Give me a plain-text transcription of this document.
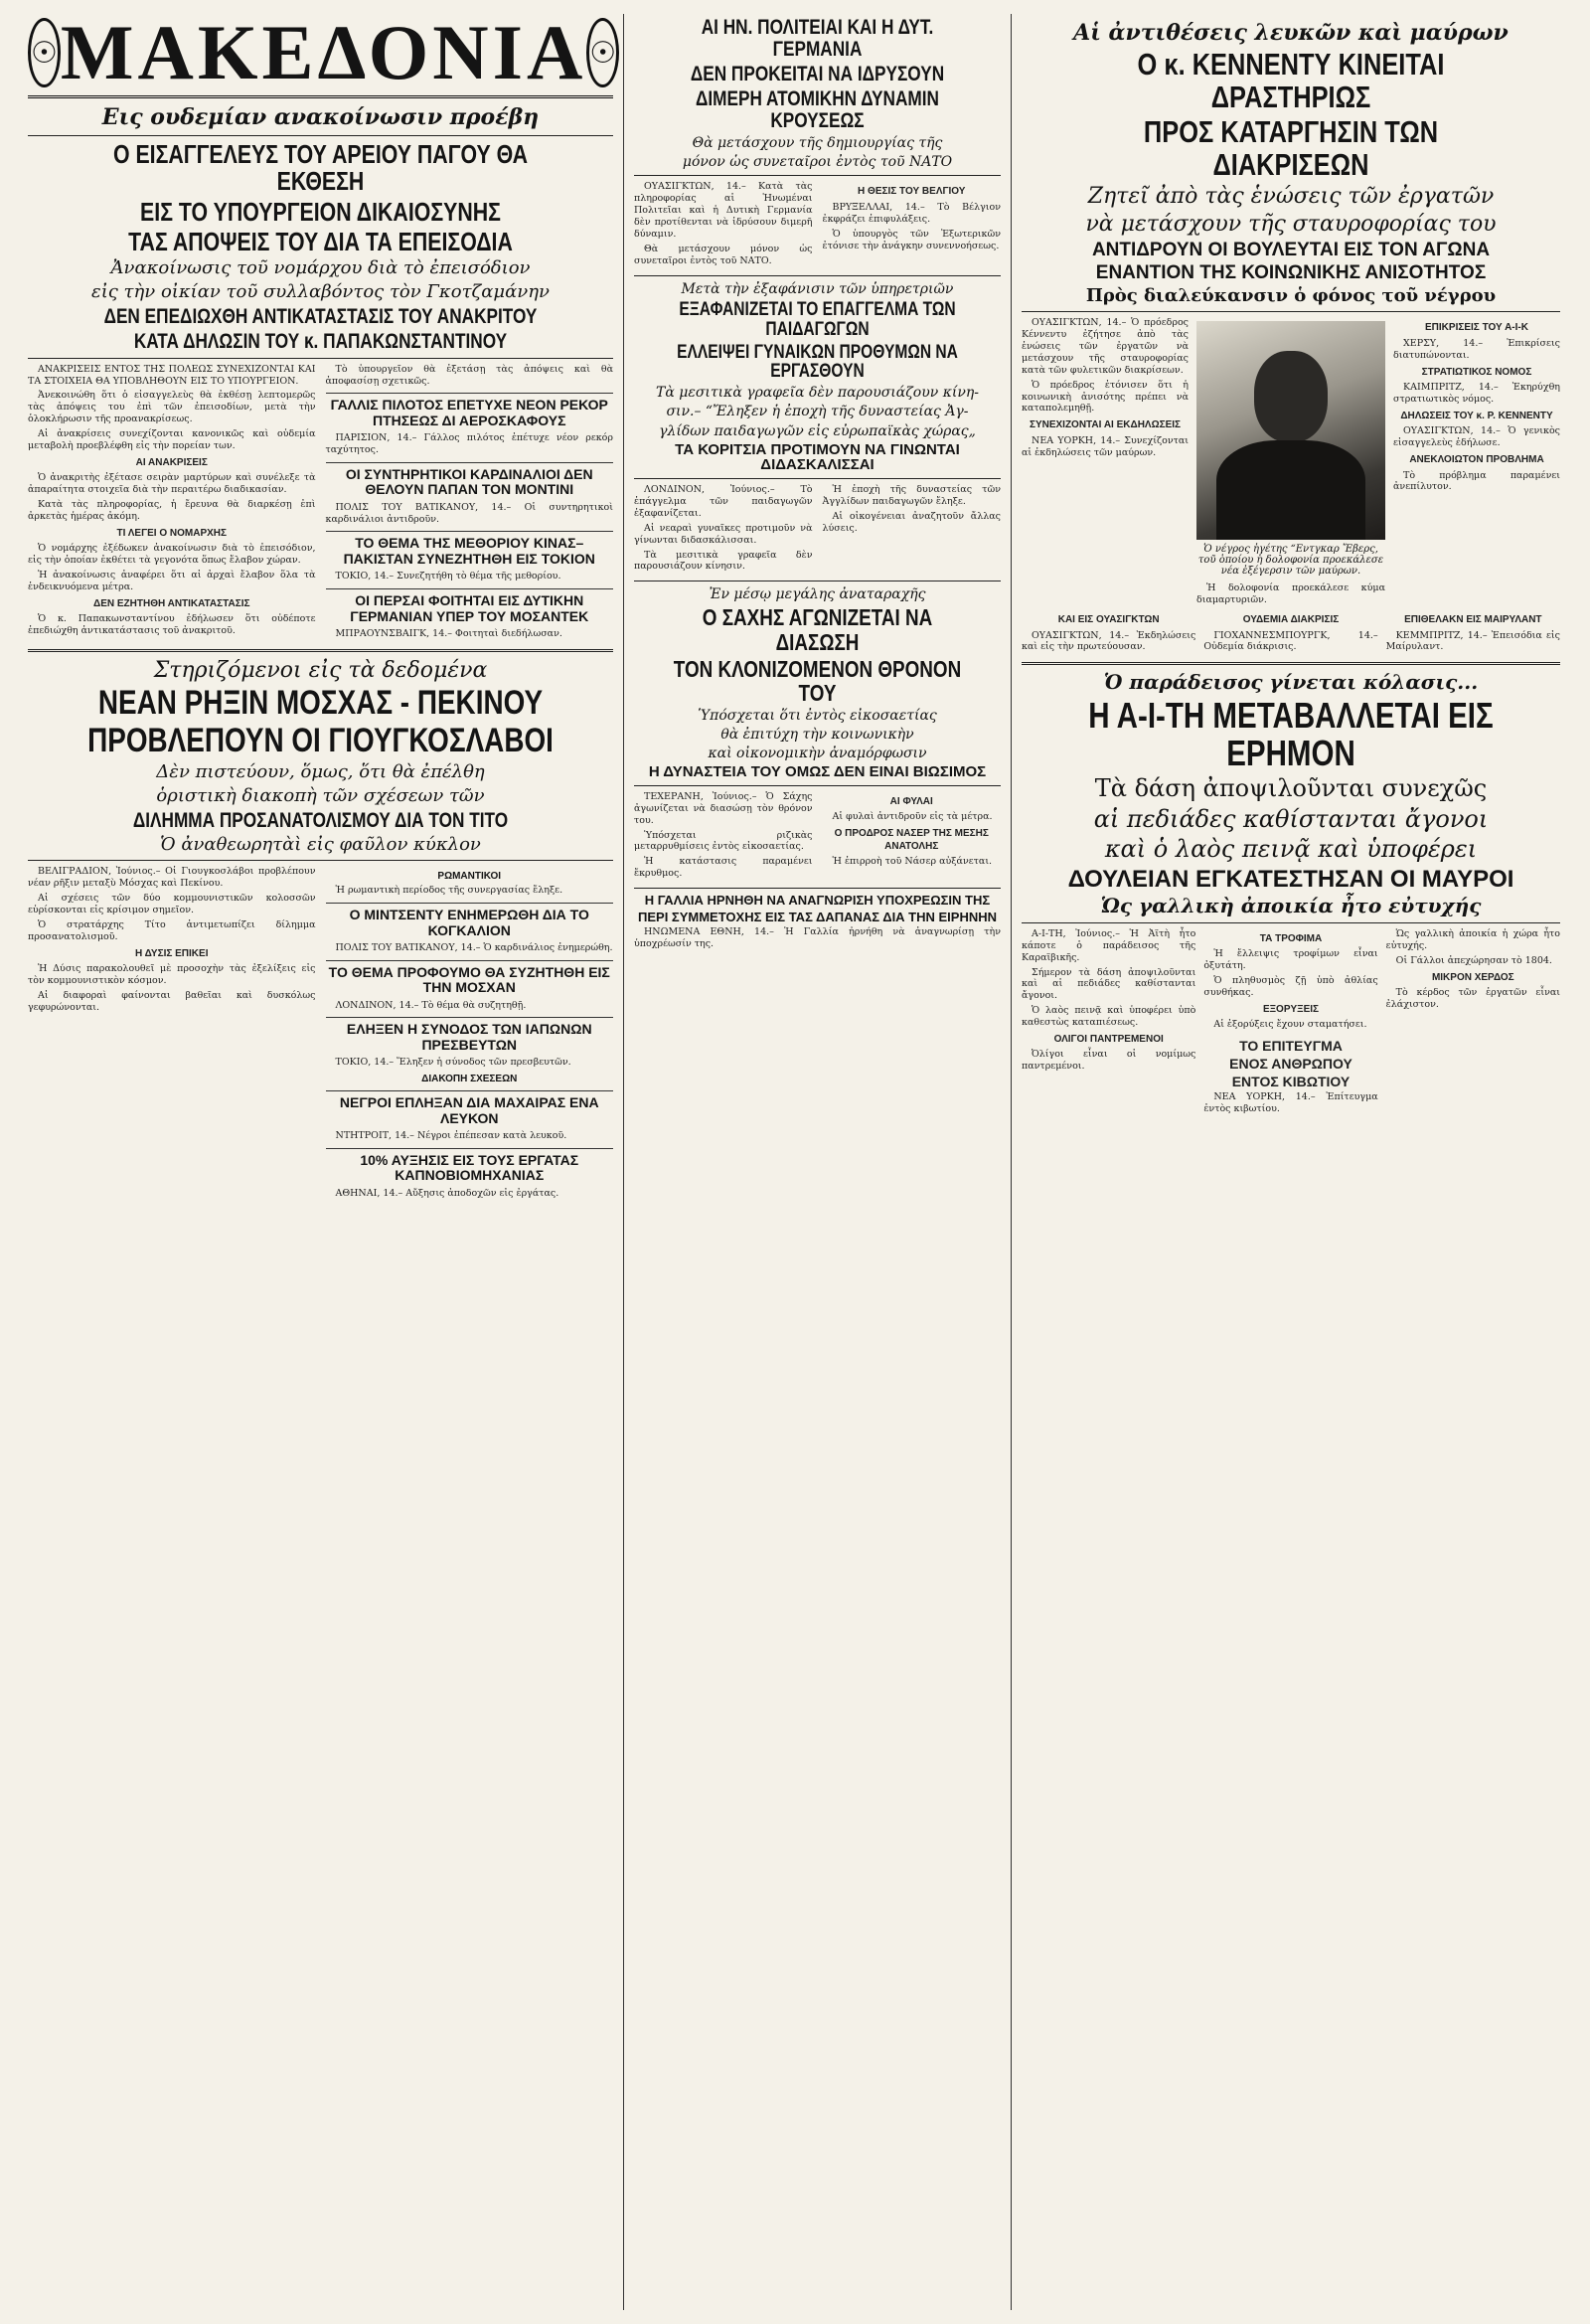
☉ ΜΑΚΕΔΟΝΙΑ ☉
Εις ουδεμίαν ανακοίνωσιν προέβη
Ο ΕΙΣΑΓΓΕΛΕΥΣ ΤΟΥ ΑΡΕΙΟΥ ΠΑΓΟΥ ΘΑ ΕΚΘΕΣΗ
ΕΙΣ ΤΟ ΥΠΟΥΡΓΕΙΟΝ ΔΙΚΑΙΟΣΥΝΗΣ
ΤΑΣ ΑΠΟΨΕΙΣ ΤΟΥ ΔΙΑ ΤΑ ΕΠΕΙΣΟΔΙΑ
Ἀνακοίνωσις τοῦ νομάρχου διὰ τὸ ἐπεισόδιον
εἰς τὴν οἰκίαν τοῦ συλλαβόντος τὸν Γκοτζαμάνην
ΔΕΝ ΕΠΕΔΙΩΧΘΗ ΑΝΤΙΚΑΤΑΣΤΑΣΙΣ ΤΟΥ ΑΝΑΚΡΙΤΟΥ
ΚΑΤΑ ΔΗΛΩΣΙΝ ΤΟΥ κ. ΠΑΠΑΚΩΝΣΤΑΝΤΙΝΟΥ

ΑΝΑΚΡΙΣΕΙΣ ΕΝΤΟΣ ΤΗΣ ΠΟΛΕΩΣ ΣΥΝΕΧΙΖΟΝΤΑΙ ΚΑΙ ΤΑ ΣΤΟΙΧΕΙΑ ΘΑ ΥΠΟΒΛΗΘΟΥΝ ΕΙΣ ΤΟ ΥΠΟΥΡΓΕΙΟΝ.

Ἀνεκοινώθη ὅτι ὁ εἰσαγγελεὺς θὰ ἐκθέσῃ λεπτομερῶς τὰς ἀπόψεις του ἐπὶ τῶν ἐπεισοδίων, μετὰ τὴν ὁλοκλήρωσιν τῆς προανακρίσεως.

Αἱ ἀνακρίσεις συνεχίζονται κανονικῶς καὶ οὐδεμία μεταβολὴ προεβλέφθη εἰς τὴν πορείαν των.

ΑΙ ΑΝΑΚΡΙΣΕΙΣ

Ὁ ἀνακριτὴς ἐξέτασε σειρὰν μαρτύρων καὶ συνέλεξε τὰ ἀπαραίτητα στοιχεῖα διὰ τὴν περαιτέρω διαδικασίαν.

Κατὰ τὰς πληροφορίας, ἡ ἔρευνα θὰ διαρκέσῃ ἐπὶ ἀρκετὰς ἡμέρας ἀκόμη.

ΤΙ ΛΕΓΕΙ Ο ΝΟΜΑΡΧΗΣ

Ὁ νομάρχης ἐξέδωκεν ἀνακοίνωσιν διὰ τὸ ἐπεισόδιον, εἰς τὴν ὁποίαν ἐκθέτει τὰ γεγονότα ὅπως ἔλαβον χώραν.

Ἡ ἀνακοίνωσις ἀναφέρει ὅτι αἱ ἀρχαὶ ἔλαβον ὅλα τὰ ἐνδεικνυόμενα μέτρα.

ΔΕΝ ΕΖΗΤΗΘΗ ΑΝΤΙΚΑΤΑΣΤΑΣΙΣ

Ὁ κ. Παπακωνσταντίνου ἐδήλωσεν ὅτι οὐδέποτε ἐπεδιώχθη ἀντικατάστασις τοῦ ἀνακριτοῦ.

Τὸ ὑπουργεῖον θὰ ἐξετάσῃ τὰς ἀπόψεις καὶ θὰ ἀποφασίσῃ σχετικῶς.

ΓΑΛΛΙΣ ΠΙΛΟΤΟΣ ΕΠΕΤΥΧΕ ΝΕΟΝ ΡΕΚΟΡ ΠΤΗΣΕΩΣ ΔΙ ΑΕΡΟΣΚΑΦΟΥΣ

ΠΑΡΙΣΙΟΝ, 14.– Γάλλος πιλότος ἐπέτυχε νέον ρεκόρ ταχύτητος.

ΟΙ ΣΥΝΤΗΡΗΤΙΚΟΙ ΚΑΡΔΙΝΑΛΙΟΙ ΔΕΝ ΘΕΛΟΥΝ ΠΑΠΑΝ ΤΟΝ ΜΟΝΤΙΝΙ

ΠΟΛΙΣ ΤΟΥ ΒΑΤΙΚΑΝΟΥ, 14.– Οἱ συντηρητικοὶ καρδινάλιοι ἀντιδροῦν.

ΤΟ ΘΕΜΑ ΤΗΣ ΜΕΘΟΡΙΟΥ ΚΙΝΑΣ–ΠΑΚΙΣΤΑΝ ΣΥΝΕΖΗΤΗΘΗ ΕΙΣ ΤΟΚΙΟΝ

ΤΟΚΙΟ, 14.– Συνεζητήθη τὸ θέμα τῆς μεθορίου.

ΟΙ ΠΕΡΣΑΙ ΦΟΙΤΗΤΑΙ ΕΙΣ ΔΥΤΙΚΗΝ ΓΕΡΜΑΝΙΑΝ ΥΠΕΡ ΤΟΥ ΜΟΣΑΝΤΕΚ

ΜΠΡΑΟΥΝΣΒΑΙΓΚ, 14.– Φοιτηταὶ διεδήλωσαν.

Στηριζόμενοι εἰς τὰ δεδομένα
ΝΕΑΝ ΡΗΞΙΝ ΜΟΣΧΑΣ - ΠΕΚΙΝΟΥ
ΠΡΟΒΛΕΠΟΥΝ ΟΙ ΓΙΟΥΓΚΟΣΛΑΒΟΙ
Δὲν πιστεύουν, ὅμως, ὅτι θὰ ἐπέλθη
ὁριστικὴ διακοπὴ τῶν σχέσεων τῶν
ΔΙΛΗΜΜΑ ΠΡΟΣΑΝΑΤΟΛΙΣΜΟΥ ΔΙΑ ΤΟΝ ΤΙΤΟ
Ὁ ἀναθεωρητὰὶ εἰς φαῦλον κύκλον

ΒΕΛΙΓΡΑΔΙΟΝ, Ἰούνιος.– Οἱ Γιουγκοσλάβοι προβλέπουν νέαν ρῆξιν μεταξὺ Μόσχας καὶ Πεκίνου.

Αἱ σχέσεις τῶν δύο κομμουνιστικῶν κολοσσῶν εὑρίσκονται εἰς κρίσιμον σημεῖον.

Ὁ στρατάρχης Τίτο ἀντιμετωπίζει δίλημμα προσανατολισμοῦ.

Η ΔΥΣΙΣ ΕΠΙΚΕΙ

Ἡ Δύσις παρακολουθεῖ μὲ προσοχὴν τὰς ἐξελίξεις εἰς τὸν κομμουνιστικὸν κόσμον.

Αἱ διαφοραὶ φαίνονται βαθεῖαι καὶ δυσκόλως γεφυρώνονται.

ΡΩΜΑΝΤΙΚΟΙ

Ἡ ρωμαντικὴ περίοδος τῆς συνεργασίας ἔληξε.

Ο ΜΙΝΤΣΕΝΤΥ ΕΝΗΜΕΡΩΘΗ ΔΙΑ ΤΟ ΚΟΓΚΑΛΙΟΝ

ΠΟΛΙΣ ΤΟΥ ΒΑΤΙΚΑΝΟΥ, 14.– Ὁ καρδινάλιος ἐνημερώθη.

ΤΟ ΘΕΜΑ ΠΡΟΦΟΥΜΟ ΘΑ ΣΥΖΗΤΗΘΗ ΕΙΣ ΤΗΝ ΜΟΣΧΑΝ

ΛΟΝΔΙΝΟΝ, 14.– Τὸ θέμα θὰ συζητηθῇ.

ΕΛΗΞΕΝ Η ΣΥΝΟΔΟΣ ΤΩΝ ΙΑΠΩΝΩΝ ΠΡΕΣΒΕΥΤΩΝ

ΤΟΚΙΟ, 14.– Ἔληξεν ἡ σύνοδος τῶν πρεσβευτῶν.

ΔΙΑΚΟΠΗ ΣΧΕΣΕΩΝ
ΝΕΓΡΟΙ ΕΠΛΗΞΑΝ ΔΙΑ ΜΑΧΑΙΡΑΣ ΕΝΑ ΛΕΥΚΟΝ

ΝΤΗΤΡΟΙΤ, 14.– Νέγροι ἐπέπεσαν κατὰ λευκοῦ.

10% ΑΥΞΗΣΙΣ ΕΙΣ ΤΟΥΣ ΕΡΓΑΤΑΣ ΚΑΠΝΟΒΙΟΜΗΧΑΝΙΑΣ

ΑΘΗΝΑΙ, 14.– Αὔξησις ἀποδοχῶν εἰς ἐργάτας.

ΑΙ ΗΝ. ΠΟΛΙΤΕΙΑΙ ΚΑΙ Η ΔΥΤ. ΓΕΡΜΑΝΙΑ
ΔΕΝ ΠΡΟΚΕΙΤΑΙ ΝΑ ΙΔΡΥΣΟΥΝ
ΔΙΜΕΡΗ ΑΤΟΜΙΚΗΝ ΔΥΝΑΜΙΝ ΚΡΟΥΣΕΩΣ
Θὰ μετάσχουν τῆς δημιουργίας τῆς
μόνον ὡς συνεταῖροι ἐντὸς τοῦ ΝΑΤΟ

ΟΥΑΣΙΓΚΤΩΝ, 14.– Κατὰ τὰς πληροφορίας αἱ Ἡνωμέναι Πολιτεῖαι καὶ ἡ Δυτικὴ Γερμανία δὲν προτίθενται νὰ ἱδρύσουν διμερῆ δύναμιν.

Θὰ μετάσχουν μόνον ὡς συνεταῖροι ἐντὸς τοῦ ΝΑΤΟ.

Η ΘΕΣΙΣ ΤΟΥ ΒΕΛΓΙΟΥ

ΒΡΥΞΕΛΛΑΙ, 14.– Τὸ Βέλγιον ἐκφράζει ἐπιφυλάξεις.

Ὁ ὑπουργὸς τῶν Ἐξωτερικῶν ἐτόνισε τὴν ἀνάγκην συνεννοήσεως.

Μετὰ τὴν ἐξαφάνισιν τῶν ὑπηρετριῶν
ΕΞΑΦΑΝΙΖΕΤΑΙ ΤΟ ΕΠΑΓΓΕΛΜΑ ΤΩΝ ΠΑΙΔΑΓΩΓΩΝ
ΕΛΛΕΙΨΕΙ ΓΥΝΑΙΚΩΝ ΠΡΟΘΥΜΩΝ ΝΑ ΕΡΓΑΣΘΟΥΝ
Τὰ μεσιτικὰ γραφεῖα δὲν παρουσιάζουν κίνη-
σιν.– “Ἔληξεν ἡ ἐποχὴ τῆς δυναστείας Ἀγ-
γλίδων παιδαγωγῶν εἰς εὐρωπαϊκὰς χώρας„
ΤΑ ΚΟΡΙΤΣΙΑ ΠΡΟΤΙΜΟΥΝ ΝΑ ΓΙΝΩΝΤΑΙ ΔΙΔΑΣΚΑΛΙΣΣΑΙ

ΛΟΝΔΙΝΟΝ, Ἰούνιος.– Τὸ ἐπάγγελμα τῶν παιδαγωγῶν ἐξαφανίζεται.

Αἱ νεαραὶ γυναῖκες προτιμοῦν νὰ γίνωνται διδασκάλισσαι.

Τὰ μεσιτικὰ γραφεῖα δὲν παρουσιάζουν κίνησιν.

Ἡ ἐποχὴ τῆς δυναστείας τῶν Ἀγγλίδων παιδαγωγῶν ἔληξε.

Αἱ οἰκογένειαι ἀναζητοῦν ἄλλας λύσεις.

Ἐν μέσῳ μεγάλης ἀναταραχῆς
Ο ΣΑΧΗΣ ΑΓΩΝΙΖΕΤΑΙ ΝΑ ΔΙΑΣΩΣΗ
ΤΟΝ ΚΛΟΝΙΖΟΜΕΝΟΝ ΘΡΟΝΟΝ ΤΟΥ
Ὑπόσχεται ὅτι ἐντὸς εἰκοσαετίας
θὰ ἐπιτύχη τὴν κοινωνικὴν
καὶ οἰκονομικὴν ἀναμόρφωσιν
Η ΔΥΝΑΣΤΕΙΑ ΤΟΥ ΟΜΩΣ ΔΕΝ ΕΙΝΑΙ ΒΙΩΣΙΜΟΣ

ΤΕΧΕΡΑΝΗ, Ἰούνιος.– Ὁ Σάχης ἀγωνίζεται νὰ διασώσῃ τὸν θρόνον του.

Ὑπόσχεται ριζικὰς μεταρρυθμίσεις ἐντὸς εἰκοσαετίας.

Ἡ κατάστασις παραμένει ἔκρυθμος.

ΑΙ ΦΥΛΑΙ

Αἱ φυλαὶ ἀντιδροῦν εἰς τὰ μέτρα.

Ο ΠΡΟΔΡΟΣ ΝΑΣΕΡ ΤΗΣ ΜΕΣΗΣ ΑΝΑΤΟΛΗΣ

Ἡ ἐπιρροὴ τοῦ Νάσερ αὐξάνεται.

Η ΓΑΛΛΙΑ ΗΡΝΗΘΗ ΝΑ ΑΝΑΓΝΩΡΙΣΗ ΥΠΟΧΡΕΩΣΙΝ ΤΗΣ
ΠΕΡΙ ΣΥΜΜΕΤΟΧΗΣ ΕΙΣ ΤΑΣ ΔΑΠΑΝΑΣ ΔΙΑ ΤΗΝ ΕΙΡΗΝΗΝ

ΗΝΩΜΕΝΑ ΕΘΝΗ, 14.– Ἡ Γαλλία ἠρνήθη νὰ ἀναγνωρίσῃ τὴν ὑποχρέωσίν της.

Αἱ ἀντιθέσεις λευκῶν καὶ μαύρων
Ο κ. ΚΕΝΝΕΝΤΥ ΚΙΝΕΙΤΑΙ ΔΡΑΣΤΗΡΙΩΣ
ΠΡΟΣ ΚΑΤΑΡΓΗΣΙΝ ΤΩΝ ΔΙΑΚΡΙΣΕΩΝ
Ζητεῖ ἀπὸ τὰς ἑνώσεις τῶν ἐργατῶν
νὰ μετάσχουν τῆς σταυροφορίας του
ΑΝΤΙΔΡΟΥΝ ΟΙ ΒΟΥΛΕΥΤΑΙ ΕΙΣ ΤΟΝ ΑΓΩΝΑ
ΕΝΑΝΤΙΟΝ ΤΗΣ ΚΟΙΝΩΝΙΚΗΣ ΑΝΙΣΟΤΗΤΟΣ
Πρὸς διαλεύκανσιν ὁ φόνος τοῦ νέγρου

ΟΥΑΣΙΓΚΤΩΝ, 14.– Ὁ πρόεδρος Κέννεντυ ἐζήτησε ἀπὸ τὰς ἑνώσεις τῶν ἐργατῶν νὰ μετάσχουν τῆς σταυροφορίας κατὰ τῶν φυλετικῶν διακρίσεων.

Ὁ πρόεδρος ἐτόνισεν ὅτι ἡ κοινωνικὴ ἀνισότης πρέπει νὰ καταπολεμηθῇ.

ΣΥΝΕΧΙΖΟΝΤΑΙ ΑΙ ΕΚΔΗΛΩΣΕΙΣ

ΝΕΑ ΥΟΡΚΗ, 14.– Συνεχίζονται αἱ ἐκδηλώσεις τῶν μαύρων.

Ὁ νέγρος ἡγέτης “Εντγκαρ Ἔβερς, τοῦ ὁποίου ἡ δολοφονία προεκάλεσε νέα ἐξέγερσιν τῶν μαύρων.

Ἡ δολοφονία προεκάλεσε κύμα διαμαρτυριῶν.

ΕΠΙΚΡΙΣΕΙΣ ΤΟΥ Α-Ι-Κ

ΧΕΡΣΥ, 14.– Ἐπικρίσεις διατυπώνονται.

ΣΤΡΑΤΙΩΤΙΚΟΣ ΝΟΜΟΣ

ΚΑΙΜΠΡΙΤΖ, 14.– Ἐκηρύχθη στρατιωτικὸς νόμος.

ΔΗΛΩΣΕΙΣ ΤΟΥ κ. Ρ. ΚΕΝΝΕΝΤΥ

ΟΥΑΣΙΓΚΤΩΝ, 14.– Ὁ γενικὸς εἰσαγγελεὺς ἐδήλωσε.

ΑΝΕΚΛΟΙΩΤΟΝ ΠΡΟΒΛΗΜΑ

Τὸ πρόβλημα παραμένει ἀνεπίλυτον.

ΚΑΙ ΕΙΣ ΟΥΑΣΙΓΚΤΩΝ

ΟΥΑΣΙΓΚΤΩΝ, 14.– Ἐκδηλώσεις καὶ εἰς τὴν πρωτεύουσαν.

ΟΥΔΕΜΙΑ ΔΙΑΚΡΙΣΙΣ

ΓΙΟΧΑΝΝΕΣΜΠΟΥΡΓΚ, 14.– Οὐδεμία διάκρισις.

ΕΠΙΘΕΛΑΚΝ ΕΙΣ ΜΑΙΡΥΛΑΝΤ

ΚΕΜΜΠΡΙΤΖ, 14.– Ἐπεισόδια εἰς Μαίρυλαντ.

Ὁ παράδεισος γίνεται κόλασις...
Η Α-Ι-ΤΗ ΜΕΤΑΒΑΛΛΕΤΑΙ ΕΙΣ ΕΡΗΜΟΝ
Τὰ δάση ἀποψιλοῦνται συνεχῶς
αἱ πεδιάδες καθίστανται ἄγονοι
καὶ ὁ λαὸς πεινᾷ καὶ ὑποφέρει
ΔΟΥΛΕΙΑΝ ΕΓΚΑΤΕΣΤΗΣΑΝ ΟΙ ΜΑΥΡΟΙ
Ὡς γαλλικὴ ἀποικία ἦτο εὐτυχής

Α-Ι-ΤΗ, Ἰούνιος.– Ἡ Ἀϊτὴ ἦτο κάποτε ὁ παράδεισος τῆς Καραϊβικῆς.

Σήμερον τὰ δάση ἀποψιλοῦνται καὶ αἱ πεδιάδες καθίστανται ἄγονοι.

Ὁ λαὸς πεινᾷ καὶ ὑποφέρει ὑπὸ καθεστὼς καταπιέσεως.

ΟΛΙΓΟΙ ΠΑΝΤΡΕΜΕΝΟΙ

Ὀλίγοι εἶναι οἱ νομίμως παντρεμένοι.

ΤΑ ΤΡΟΦΙΜΑ

Ἡ ἔλλειψις τροφίμων εἶναι ὀξυτάτη.

Ὁ πληθυσμὸς ζῇ ὑπὸ ἀθλίας συνθήκας.

ΕΞΟΡΥΞΕΙΣ

Αἱ ἐξορύξεις ἔχουν σταματήσει.

ΤΟ ΕΠΙΤΕΥΓΜΑ
ΕΝΟΣ ΑΝΘΡΩΠΟΥ
ΕΝΤΟΣ ΚΙΒΩΤΙΟΥ

ΝΕΑ ΥΟΡΚΗ, 14.– Ἐπίτευγμα ἐντὸς κιβωτίου.

Ὡς γαλλικὴ ἀποικία ἡ χώρα ἦτο εὐτυχής.

Οἱ Γάλλοι ἀπεχώρησαν τὸ 1804.

ΜΙΚΡΟΝ ΧΕΡΔΟΣ

Τὸ κέρδος τῶν ἐργατῶν εἶναι ἐλάχιστον.
